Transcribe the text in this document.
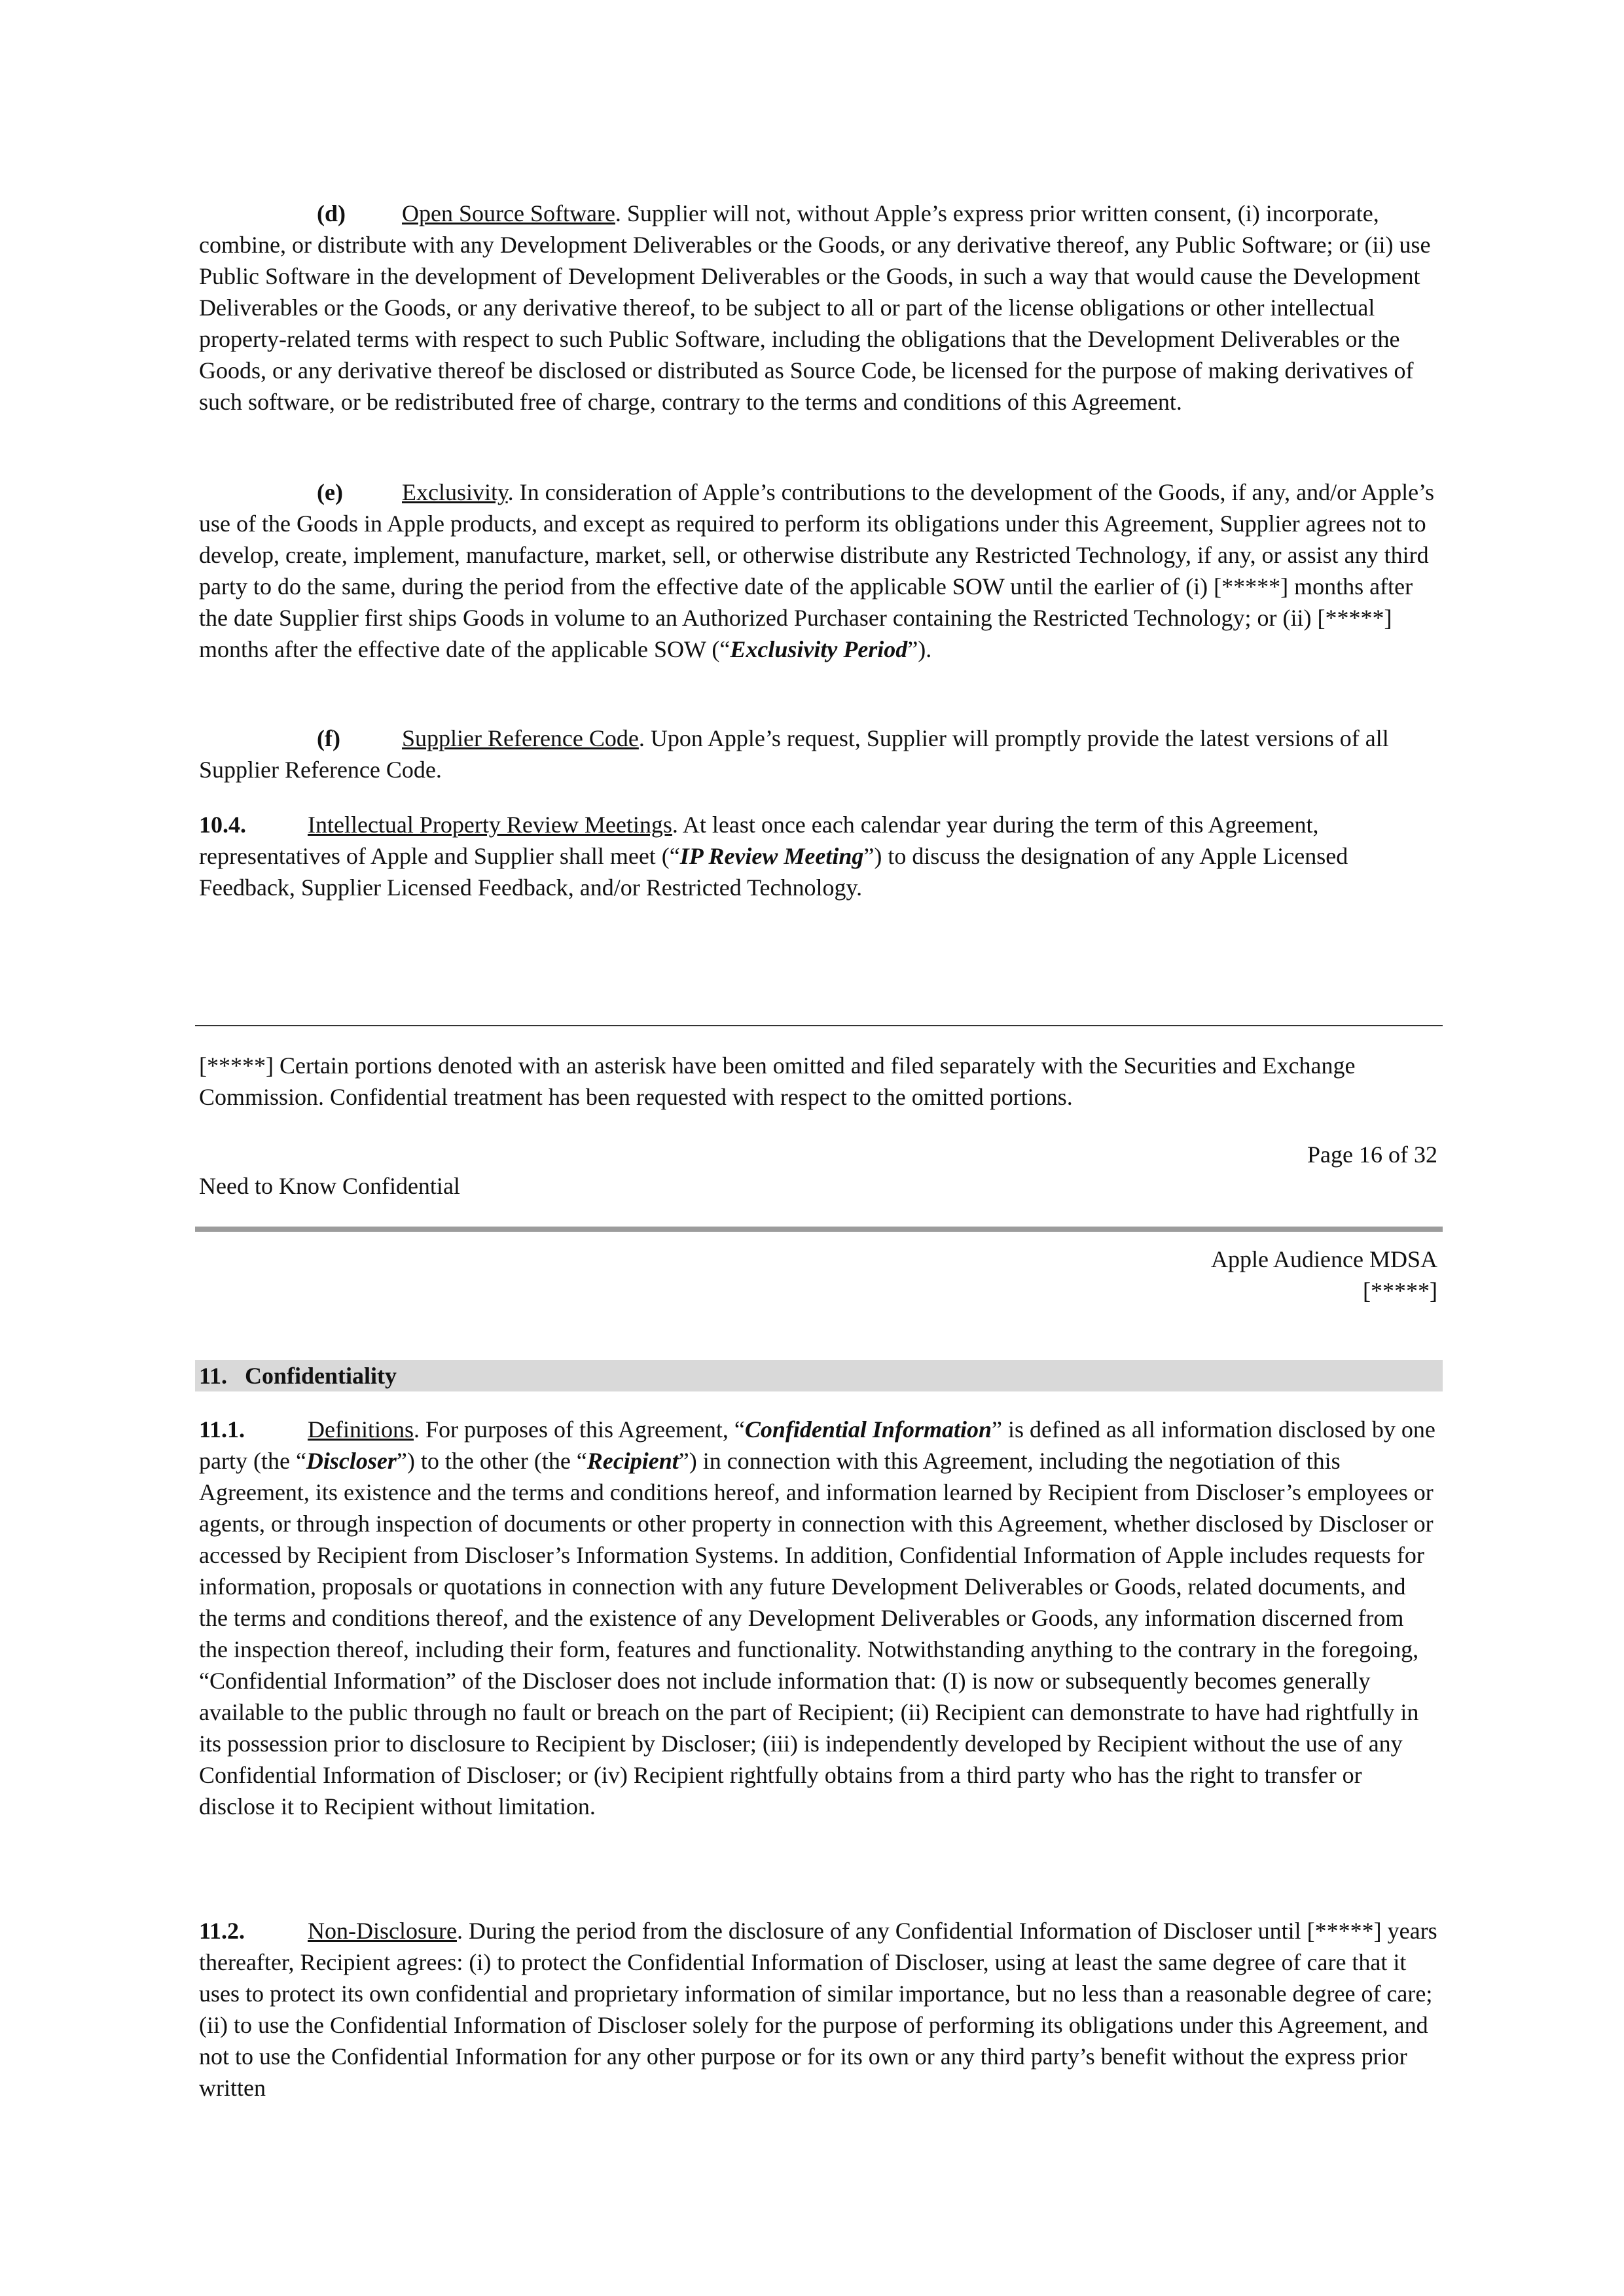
(d) Open Source Software. Supplier will not, without Apple’s express prior written consent, (i) incorporate, combine, or distribute with any Development Deliverables or the Goods, or any derivative thereof, any Public Software; or (ii) use Public Software in the development of Development Deliverables or the Goods, in such a way that would cause the Development Deliverables or the Goods, or any derivative thereof, to be subject to all or part of the license obligations or other intellectual property-related terms with respect to such Public Software, including the obligations that the Development Deliverables or the Goods, or any derivative thereof be disclosed or distributed as Source Code, be licensed for the purpose of making derivatives of such software, or be redistributed free of charge, contrary to the terms and conditions of this Agreement.

(e)	Exclusivity. In consideration of Apple’s contributions to the development of the Goods, if any, and/or Apple’s use of the Goods in Apple products, and except as required to perform its obligations under this Agreement, Supplier agrees not to develop, create, implement, manufacture, market, sell, or otherwise distribute any Restricted Technology, if any, or assist any third party to do the same, during the period from the effective date of the applicable SOW until the earlier of (i) [*****] months after the date Supplier first ships Goods in volume to an Authorized Purchaser containing the Restricted Technology; or (ii) [*****] months after the effective date of the applicable SOW (“Exclusivity Period”).

(f)	Supplier Reference Code. Upon Apple’s request, Supplier will promptly provide the latest versions of all Supplier Reference Code.

10.4.	Intellectual Property Review Meetings. At least once each calendar year during the term of this Agreement, representatives of Apple and Supplier shall meet (“IP Review Meeting”) to discuss the designation of any Apple Licensed Feedback, Supplier Licensed Feedback, and/or Restricted Technology.

[*****] Certain portions denoted with an asterisk have been omitted and filed separately with the Securities and Exchange Commission. Confidential treatment has been requested with respect to the omitted portions.

Page 16 of 32
Need to Know Confidential
Apple Audience MDSA
[*****]
11.   Confidentiality

11.1.	Definitions. For purposes of this Agreement, “Confidential Information” is defined as all information disclosed by one party (the “Discloser”) to the other (the “Recipient”) in connection with this Agreement, including the negotiation of this Agreement, its existence and the terms and conditions hereof, and information learned by Recipient from Discloser’s employees or agents, or through inspection of documents or other property in connection with this Agreement, whether disclosed by Discloser or accessed by Recipient from Discloser’s Information Systems. In addition, Confidential Information of Apple includes requests for information, proposals or quotations in connection with any future Development Deliverables or Goods, related documents, and the terms and conditions thereof, and the existence of any Development Deliverables or Goods, any information discerned from the inspection thereof, including their form, features and functionality. Notwithstanding anything to the contrary in the foregoing, “Confidential Information” of the Discloser does not include information that: (I) is now or subsequently becomes generally available to the public through no fault or breach on the part of Recipient; (ii) Recipient can demonstrate to have had rightfully in its possession prior to disclosure to Recipient by Discloser; (iii) is independently developed by Recipient without the use of any Confidential Information of Discloser; or (iv) Recipient rightfully obtains from a third party who has the right to transfer or disclose it to Recipient without limitation.

11.2.	Non-Disclosure. During the period from the disclosure of any Confidential Information of Discloser until [*****] years thereafter, Recipient agrees: (i) to protect the Confidential Information of Discloser, using at least the same degree of care that it uses to protect its own confidential and proprietary information of similar importance, but no less than a reasonable degree of care; (ii) to use the Confidential Information of Discloser solely for the purpose of performing its obligations under this Agreement, and not to use the Confidential Information for any other purpose or for its own or any third party’s benefit without the express prior written
